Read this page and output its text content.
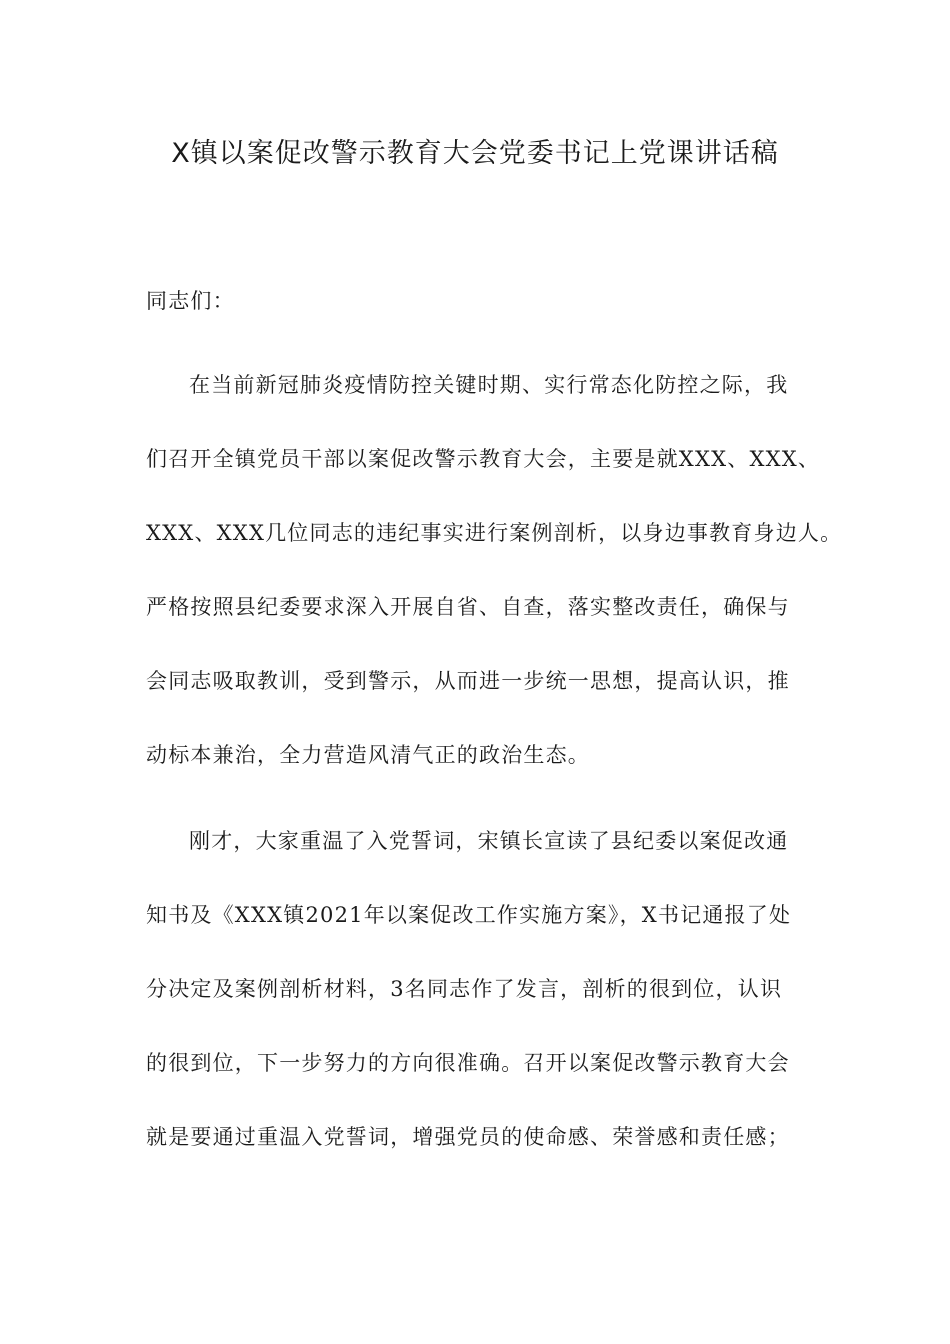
X镇以案促改警示教育大会党委书记上党课讲话稿
同志们：
在当前新冠肺炎疫情防控关键时期、实行常态化防控之际，我
们召开全镇党员干部以案促改警示教育大会，主要是就XXX、XXX、
XXX、XXX几位同志的违纪事实进行案例剖析，以身边事教育身边人。
严格按照县纪委要求深入开展自省、自查，落实整改责任，确保与
会同志吸取教训，受到警示，从而进一步统一思想，提高认识，推
动标本兼治，全力营造风清气正的政治生态。
刚才，大家重温了入党誓词，宋镇长宣读了县纪委以案促改通
知书及《XXX镇2021年以案促改工作实施方案》，X书记通报了处
分决定及案例剖析材料，3名同志作了发言，剖析的很到位，认识
的很到位，下一步努力的方向很准确。召开以案促改警示教育大会
就是要通过重温入党誓词，增强党员的使命感、荣誉感和责任感；
